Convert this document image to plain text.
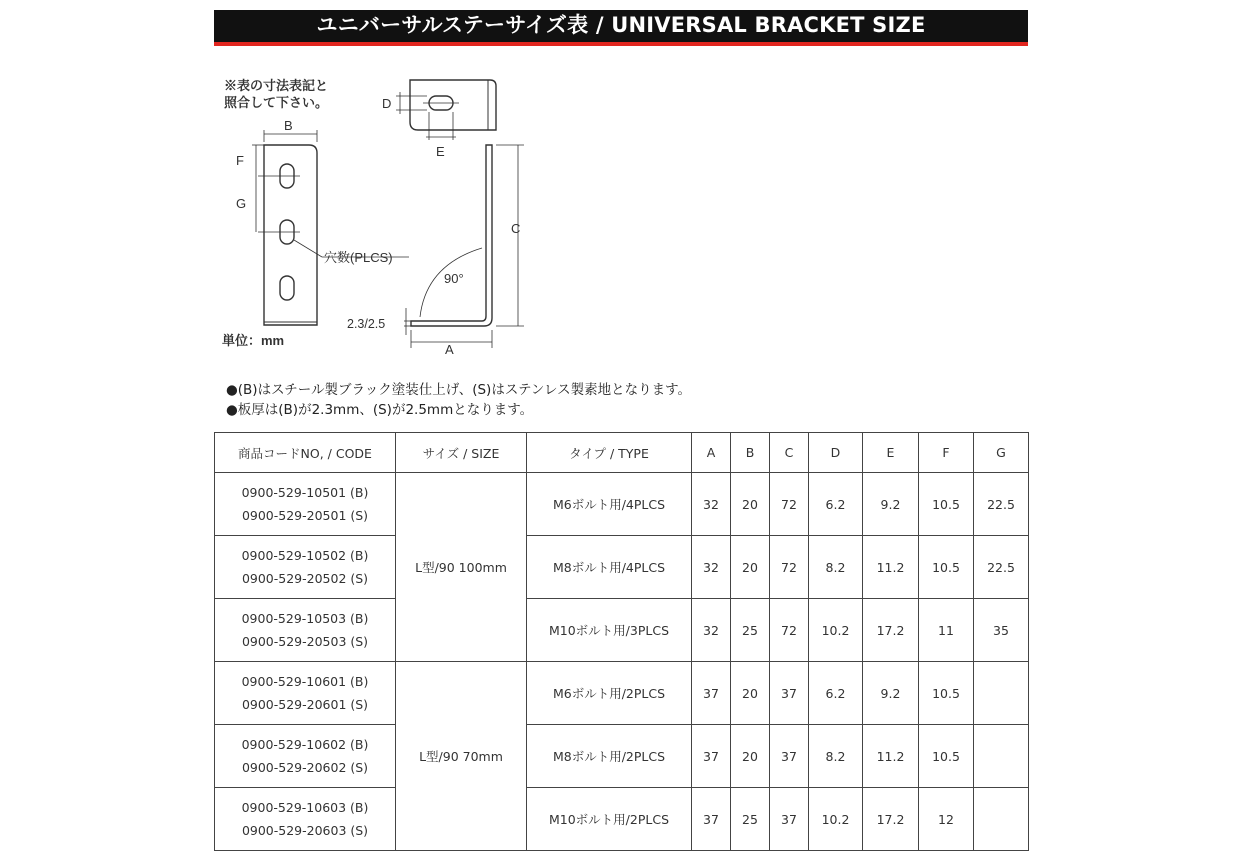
ユニバーサルステーサイズ表 / UNIVERSAL BRACKET SIZE
※表の寸法表記と
照合して下さい。
B
F
G
穴数(PLCS)
単位：mm
D
E
C
90°
2.3/2.5
A
●(B)はスチール製ブラック塗装仕上げ、(S)はステンレス製素地となります。
●板厚は(B)が2.3mm、(S)が2.5mmとなります。
商品コードNO, / CODE	サイズ / SIZE	タイプ / TYPE	A	B	C	D	E	F	G

0900-529-10501 (B)
0900-529-20501 (S)	L型/90 100mm	M6ボルト用/4PLCS	32	20	72	6.2	9.2	10.5	22.5

0900-529-10502 (B)
0900-529-20502 (S)		M8ボルト用/4PLCS	32	20	72	8.2	11.2	10.5	22.5

0900-529-10503 (B)
0900-529-20503 (S)		M10ボルト用/3PLCS	32	25	72	10.2	17.2	11	35

0900-529-10601 (B)
0900-529-20601 (S)	L型/90 70mm	M6ボルト用/2PLCS	37	20	37	6.2	9.2	10.5	

0900-529-10602 (B)
0900-529-20602 (S)		M8ボルト用/2PLCS	37	20	37	8.2	11.2	10.5	

0900-529-10603 (B)
0900-529-20603 (S)		M10ボルト用/2PLCS	37	25	37	10.2	17.2	12	
